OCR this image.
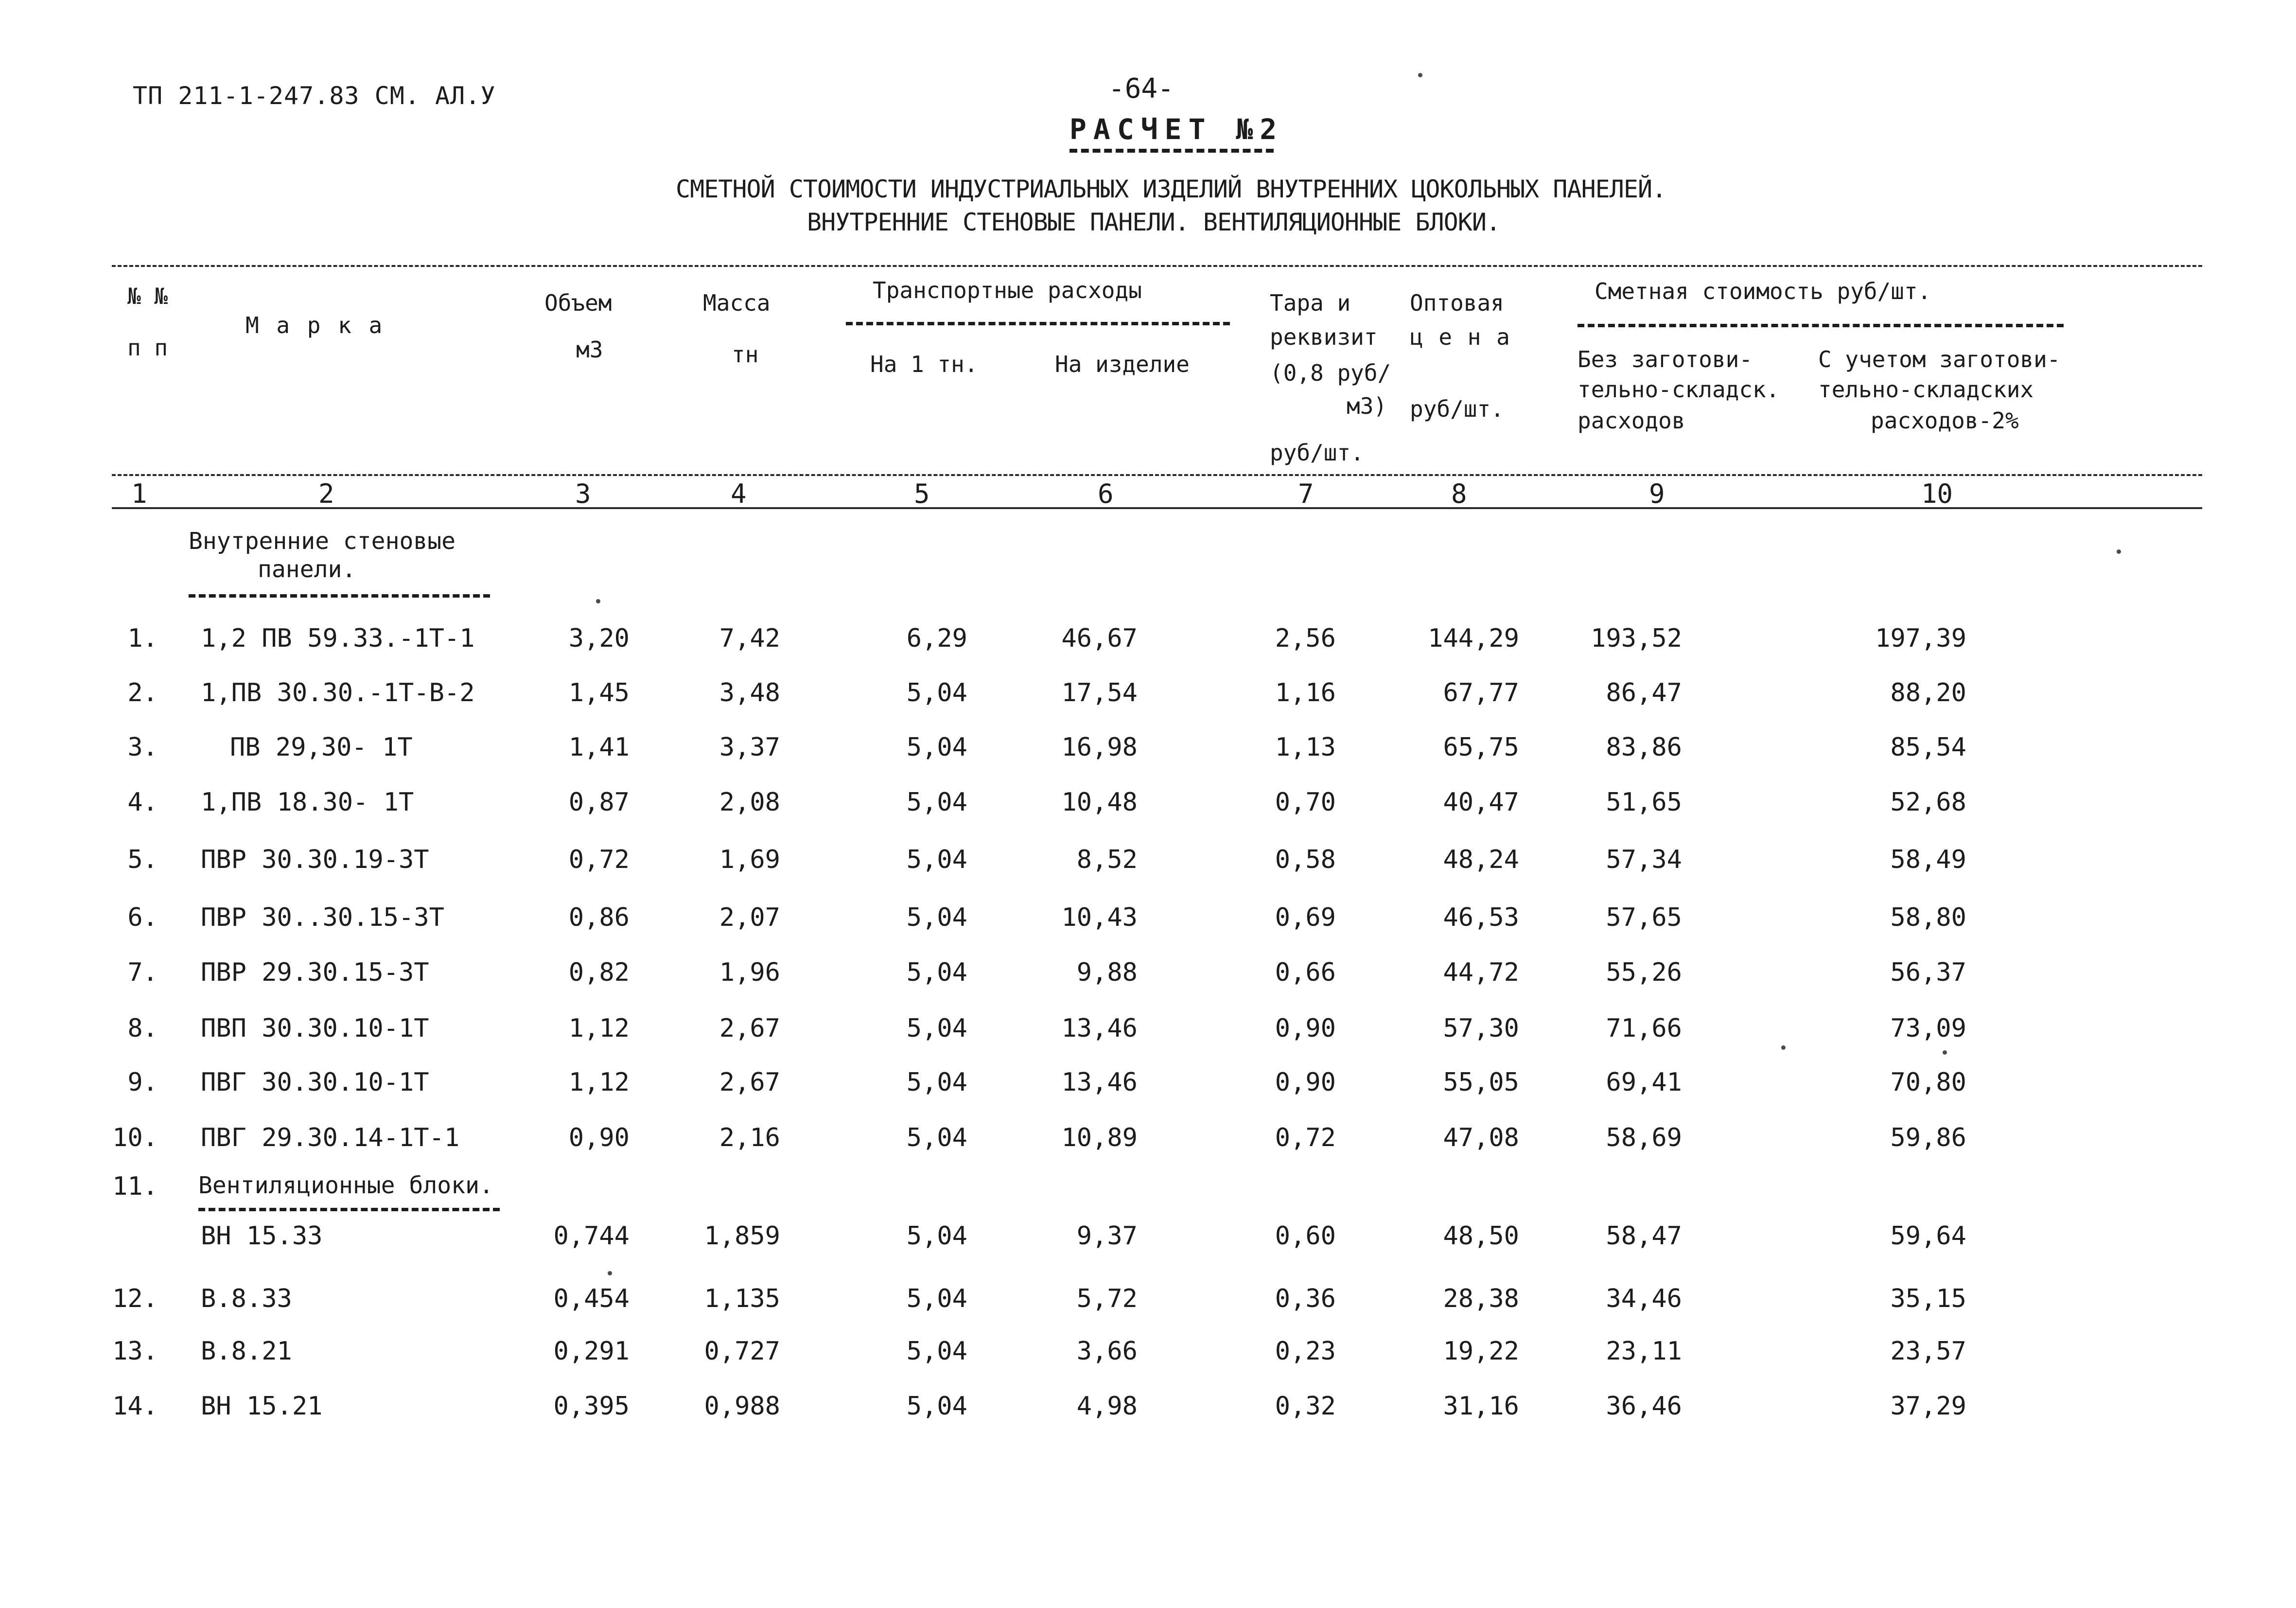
ТП 211-1-247.83 СМ. АЛ.У	-64-
РАСЧЕТ №2
СМЕТНОЙ СТОИМОСТИ ИНДУСТРИАЛЬНЫХ ИЗДЕЛИЙ ВНУТРЕННИХ ЦОКОЛЬНЫХ ПАНЕЛЕЙ.
ВНУТРЕННИЕ СТЕНОВЫЕ ПАНЕЛИ. ВЕНТИЛЯЦИОННЫЕ БЛОКИ.
№ №
п п
М а р к а
Объем
м3
Масса
тн
Транспортные расходы
На 1 тн.	На изделие
Тара и
реквизит
(0,8 руб/
м3)
руб/шт.
Оптовая
ц е н а
руб/шт.
Сметная стоимость руб/шт.
Без заготови-
тельно-складск.
расходов
С учетом заготови-
тельно-складских
расходов-2%
1	2	3	4	5	6	7	8	9	10
Внутренние стеновые
панели.
Вентиляционные блоки.
1. 1,2 ПВ 59.33.-1Т-1	3,20	7,42	6,29	46,67	2,56	144,29	193,52	197,39
2. 1,ПВ 30.30.-1Т-В-2	1,45	3,48	5,04	17,54	1,16	67,77	86,47	88,20
3.	ПВ 29,30- 1Т	1,41	3,37	5,04	16,98	1,13	65,75	83,86	85,54
4. 1,ПВ 18.30- 1Т	0,87	2,08	5,04	10,48	0,70	40,47	51,65	52,68
5. ПВР 30.30.19-3Т	0,72	1,69	5,04	8,52	0,58	48,24	57,34	58,49
6. ПВР 30..30.15-3Т	0,86	2,07	5,04	10,43	0,69	46,53	57,65	58,80
7. ПВР 29.30.15-3Т	0,82	1,96	5,04	9,88	0,66	44,72	55,26	56,37
8. ПВП 30.30.10-1Т	1,12	2,67	5,04	13,46	0,90	57,30	71,66	73,09
9. ПВГ 30.30.10-1Т	1,12	2,67	5,04	13,46	0,90	55,05	69,41	70,80
10. ПВГ 29.30.14-1Т-1	0,90	2,16	5,04	10,89	0,72	47,08	58,69	59,86
11.
ВН 15.33	0,744	1,859	5,04	9,37	0,60	48,50	58,47	59,64
12. В.8.33	0,454	1,135	5,04	5,72	0,36	28,38	34,46	35,15
13. В.8.21	0,291	0,727	5,04	3,66	0,23	19,22	23,11	23,57
14. ВН 15.21	0,395	0,988	5,04	4,98	0,32	31,16	36,46	37,29
